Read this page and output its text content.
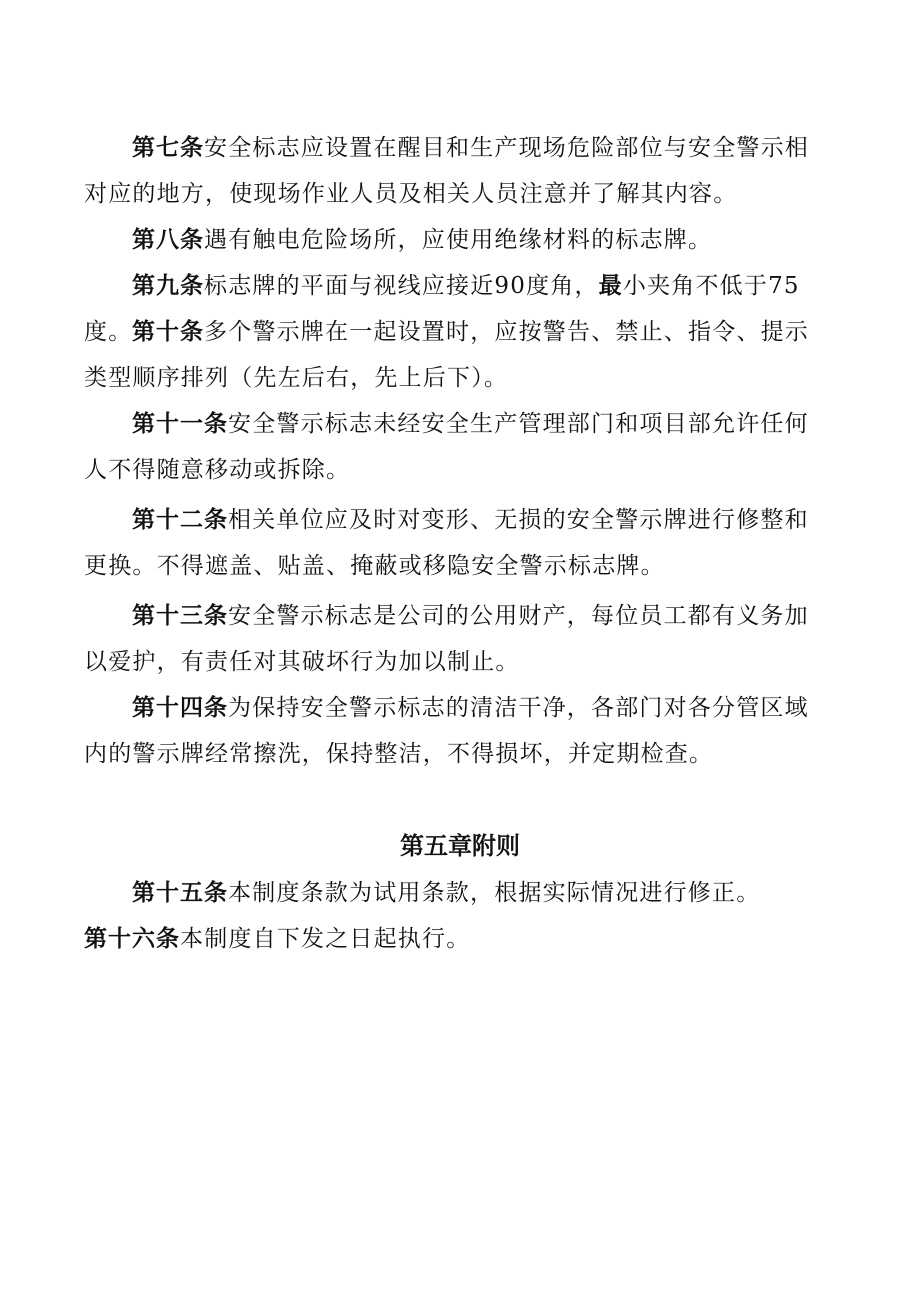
第七条安全标志应设置在醒目和生产现场危险部位与安全警示相对应的地方，使现场作业人员及相关人员注意并了解其内容。

第八条遇有触电危险场所，应使用绝缘材料的标志牌。

第九条标志牌的平面与视线应接近90度角，最小夹角不低于75度。 第十条多个警示牌在一起设置时，应按警告、禁止、指令、提示类型顺序排列（先左后右，先上后下）。

第十一条安全警示标志未经安全生产管理部门和项目部允许任何人不得随意移动或拆除。

第十二条相关单位应及时对变形、无损的安全警示牌进行修整和更换。不得遮盖、贴盖、掩蔽或移隐安全警示标志牌。

第十三条安全警示标志是公司的公用财产，每位员工都有义务加以爱护，有责任对其破坏行为加以制止。

第十四条为保持安全警示标志的清洁干净，各部门对各分管区域内的警示牌经常擦洗，保持整洁，不得损坏，并定期检查。

第五章附则

第十五条本制度条款为试用条款，根据实际情况进行修正。

第十六条本制度自下发之日起执行。
